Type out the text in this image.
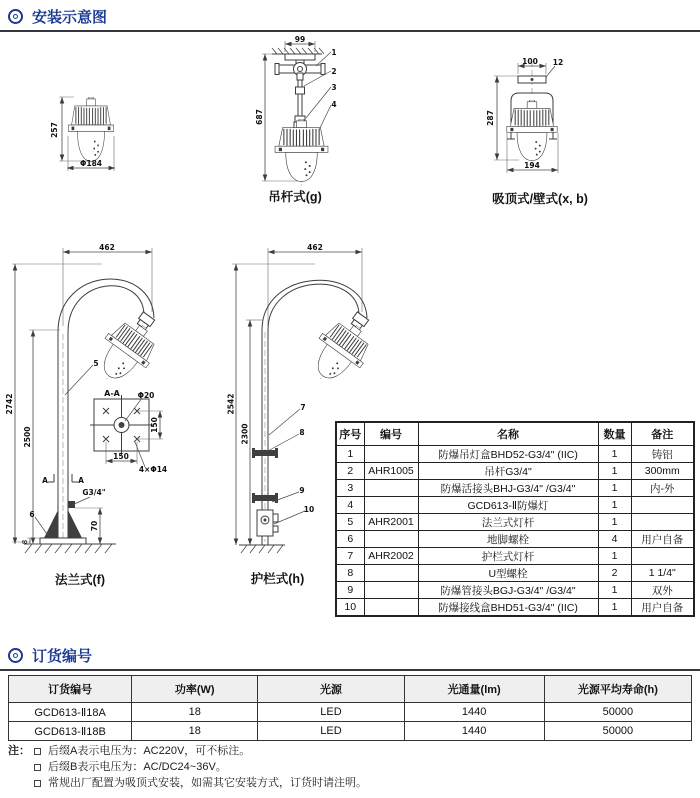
安装示意图
257
Φ184
99
687
1
2
3
4
吊杆式(g)
100 12
287
194
吸顶式/壁式(x, b)
462
2742
2500
5
A-A Φ20
150
150
4×Φ14
A	A
G3/4"
70
8
6
法兰式(f)
462
2542
2300
7
8
9
10
护栏式(h)
序号	编号	名称	数量	备注
1		防爆吊灯盒BHD52-G3/4" (IIC)	1	铸铝
2	AHR1005	吊杆G3/4"	1	300mm
3		防爆活接头BHJ-G3/4" /G3/4"	1	内-外
4		GCD613-Ⅱ防爆灯	1	
5	AHR2001	法兰式灯杆	1	
6		地脚螺栓	4	用户自备
7	AHR2002	护栏式灯杆	1	
8		U型螺栓	2	1 1/4"
9		防爆管接头BGJ-G3/4" /G3/4"	1	双外
10		防爆接线盒BHD51-G3/4" (IIC)	1	用户自备
订货编号
订货编号	功率(W)	光源	光通量(lm)	光源平均寿命(h)
GCD613-Ⅱ18A	18	LED	1440	50000
GCD613-Ⅱ18B	18	LED	1440	50000
注：	后缀A表示电压为：AC220V，可不标注。
后缀B表示电压为：AC/DC24~36V。
常规出厂配置为吸顶式安装，如需其它安装方式，订货时请注明。
